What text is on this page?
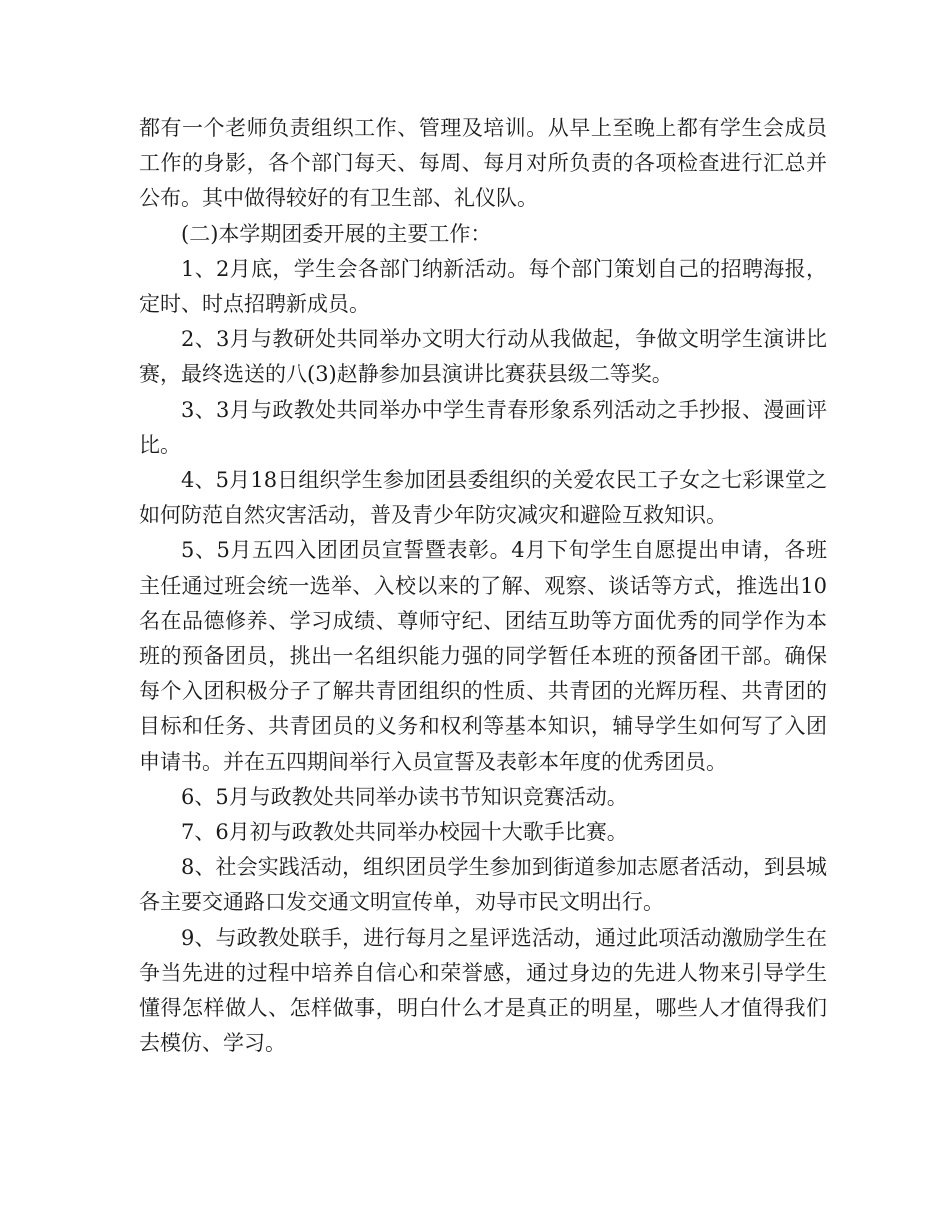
都有一个老师负责组织工作、管理及培训。从早上至晚上都有学生会成员工作的身影，各个部门每天、每周、每月对所负责的各项检查进行汇总并公布。其中做得较好的有卫生部、礼仪队。

(二)本学期团委开展的主要工作：

1、2月底，学生会各部门纳新活动。每个部门策划自己的招聘海报，定时、时点招聘新成员。

2、3月与教研处共同举办文明大行动从我做起，争做文明学生演讲比赛，最终选送的八(3)赵静参加县演讲比赛获县级二等奖。

3、3月与政教处共同举办中学生青春形象系列活动之手抄报、漫画评比。

4、5月18日组织学生参加团县委组织的关爱农民工子女之七彩课堂之如何防范自然灾害活动，普及青少年防灾减灾和避险互救知识。

5、5月五四入团团员宣誓暨表彰。4月下旬学生自愿提出申请，各班主任通过班会统一选举、入校以来的了解、观察、谈话等方式，推选出10名在品德修养、学习成绩、尊师守纪、团结互助等方面优秀的同学作为本班的预备团员，挑出一名组织能力强的同学暂任本班的预备团干部。确保每个入团积极分子了解共青团组织的性质、共青团的光辉历程、共青团的目标和任务、共青团员的义务和权利等基本知识，辅导学生如何写了入团申请书。并在五四期间举行入员宣誓及表彰本年度的优秀团员。

6、5月与政教处共同举办读书节知识竞赛活动。

7、6月初与政教处共同举办校园十大歌手比赛。

8、社会实践活动，组织团员学生参加到街道参加志愿者活动，到县城各主要交通路口发交通文明宣传单，劝导市民文明出行。

9、与政教处联手，进行每月之星评选活动，通过此项活动激励学生在争当先进的过程中培养自信心和荣誉感，通过身边的先进人物来引导学生懂得怎样做人、怎样做事，明白什么才是真正的明星，哪些人才值得我们去模仿、学习。
